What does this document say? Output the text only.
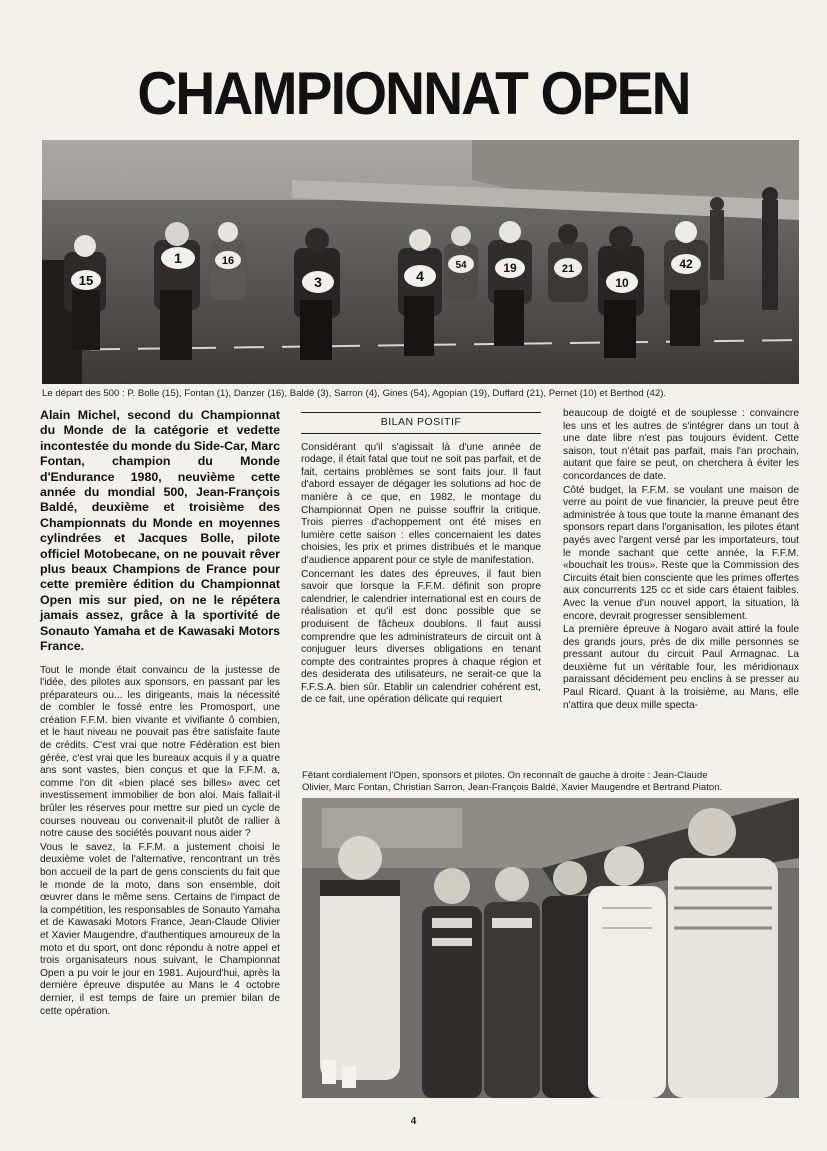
CHAMPIONNAT OPEN
15
1	16
3	4
54	19	21
10
42
Le départ des 500 : P. Bolle (15), Fontan (1), Danzer (16), Baldé (3), Sarron (4), Gines (54), Agopian (19), Duffard (21), Pernet (10) et Berthod (42).
Alain Michel, second du Championnat du Monde de la catégorie et vedette incontestée du monde du Side-Car, Marc Fontan, champion du Monde d'Endurance 1980, neuvième cette année du mondial 500, Jean-François Baldé, deuxième et troisième des Championnats du Monde en moyennes cylindrées et Jacques Bolle, pilote officiel Motobecane, on ne pouvait rêver plus beaux Champions de France pour cette première édition du Championnat Open mis sur pied, on ne le répétera jamais assez, grâce à la sportivité de Sonauto Yamaha et de Kawasaki Motors France.

Tout le monde était convaincu de la justesse de l'idée, des pilotes aux sponsors, en passant par les préparateurs ou... les dirigeants, mais la nécessité de combler le fossé entre les Promosport, une création F.F.M. bien vivante et vivifiante ô combien, et le haut niveau ne pouvait pas être satisfaite faute de crédits. C'est vrai que notre Fédération est bien gérée, c'est vrai que les bureaux acquis il y a quatre ans sont vastes, bien conçus et que la F.F.M. a, comme l'on dit «bien placé ses billes» avec cet investissement immobilier de bon aloi. Mais fallait-il brûler les réserves pour mettre sur pied un cycle de courses nouveau ou convenait-il plutôt de rallier à notre cause des sociétés pouvant nous aider ?

Vous le savez, la F.F.M. a justement choisi le deuxième volet de l'alternative, rencontrant un très bon accueil de la part de gens conscients du fait que le monde de la moto, dans son ensemble, doit œuvrer dans le même sens. Certains de l'impact de la compétition, les responsables de Sonauto Yamaha et de Kawasaki Motors France, Jean-Claude Olivier et Xavier Maugendre, d'authentiques amoureux de la moto et du sport, ont donc répondu à notre appel et trois organisateurs nous suivant, le Championnat Open a pu voir le jour en 1981. Aujourd'hui, après la dernière épreuve disputée au Mans le 4 octobre dernier, il est temps de faire un premier bilan de cette opération.

BILAN POSITIF

Considérant qu'il s'agissait là d'une année de rodage, il était fatal que tout ne soit pas parfait, et de fait, certains problèmes se sont faits jour. Il faut d'abord essayer de dégager les solutions ad hoc de manière à ce que, en 1982, le montage du Championnat Open ne puisse souffrir la critique. Trois pierres d'achoppement ont été mises en lumière cette saison : elles concernaient les dates choisies, les prix et primes distribués et le manque d'audience apparent pour ce style de manifestation.

Concernant les dates des épreuves, il faut bien savoir que lorsque la F.F.M. définit son propre calendrier, le calendrier international est en cours de réalisation et qu'il est donc possible que se produisent de fâcheux doublons. Il faut aussi comprendre que les administrateurs de circuit ont à conjuguer leurs diverses obligations en tenant compte des contraintes propres à chaque région et des desiderata des utilisateurs, ne serait-ce que la F.F.S.A. bien sûr. Etablir un calendrier cohérent est, de ce fait, une opération délicate qui requiert

beaucoup de doigté et de souplesse : convaincre les uns et les autres de s'intégrer dans un tout à une date libre n'est pas toujours évident. Cette saison, tout n'était pas parfait, mais l'an prochain, autant que faire se peut, on cherchera à éviter les concordances de date.

Côté budget, la F.F.M. se voulant une maison de verre au point de vue financier, la preuve peut être administrée à tous que toute la manne émanant des sponsors repart dans l'organisation, les pilotes étant payés avec l'argent versé par les importateurs, tout le monde sachant que cette année, la F.F.M. «bouchait les trous». Reste que la Commission des Circuits était bien consciente que les primes offertes aux concurrents 125 cc et side cars étaient faibles. Avec la venue d'un nouvel apport, la situation, là encore, devrait progresser sensiblement.

La première épreuve à Nogaro avait attiré la foule des grands jours, près de dix mille personnes se pressant autour du circuit Paul Armagnac. La deuxième fut un véritable four, les méridionaux paraissant décidement peu enclins à se presser au Paul Ricard. Quant à la troisième, au Mans, elle n'attira que deux mille specta-

Fêtant cordialement l'Open, sponsors et pilotes. On reconnaît de gauche à droite : Jean-Claude
Olivier, Marc Fontan, Christian Sarron, Jean-François Baldé, Xavier Maugendre et Bertrand Piaton.
4
